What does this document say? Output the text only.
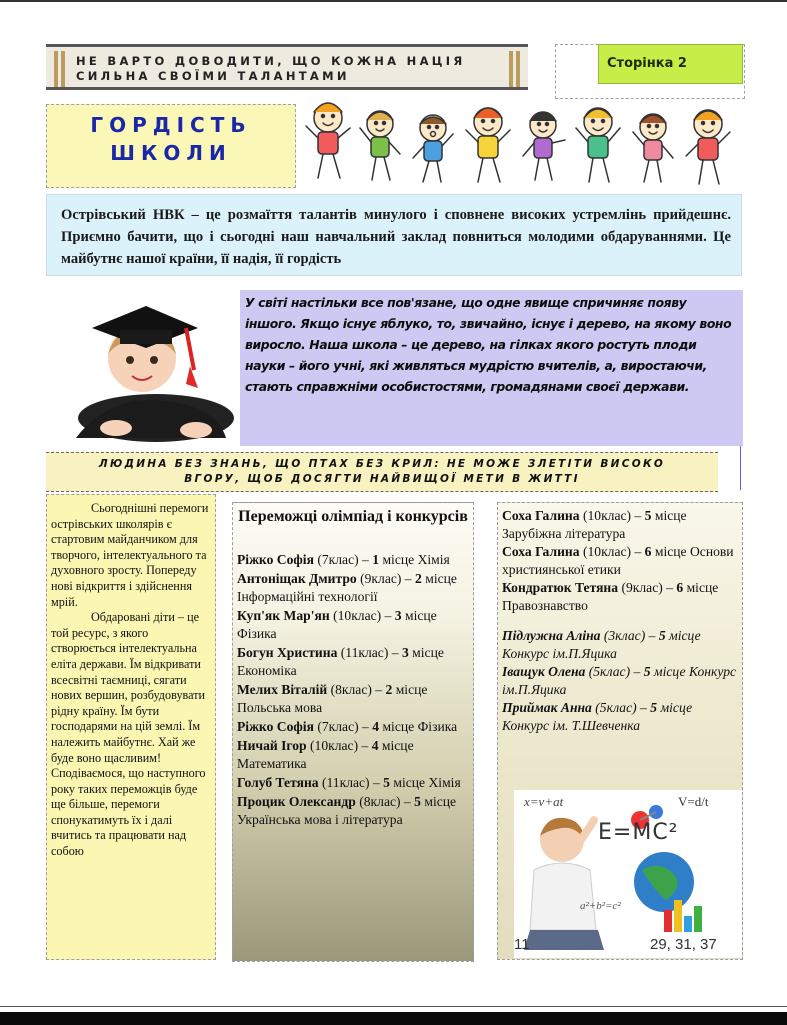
НЕ ВАРТО ДОВОДИТИ, ЩО КОЖНА НАЦІЯ
СИЛЬНА СВОЇМИ ТАЛАНТАМИ
Сторінка 2
ГОРДІСТЬ
ШКОЛИ
Острівський НВК – це розмаїття талантів минулого і сповнене високих устремлінь прийдешнє. Приємно бачити, що і сьогодні наш навчальний заклад повниться молодими обдаруваннями. Це майбутнє нашої країни, її надія, її гордість
У світі настільки все пов'язане, що одне явище спричиняє появу іншого. Якщо існує яблуко, то, звичайно, існує і дерево, на якому воно виросло. Наша школа – це дерево, на гілках якого ростуть плоди науки – його учні, які живляться мудрістю вчителів, а, виростаючи, стають справжніми особистостями, громадянами своєї держави.
ЛЮДИНА БЕЗ ЗНАНЬ, ЩО ПТАХ БЕЗ КРИЛ: НЕ МОЖЕ ЗЛЕТІТИ ВИСОКО
ВГОРУ, ЩОБ ДОСЯГТИ НАЙВИЩОЇ МЕТИ В ЖИТТІ

Сьогоднішні перемоги острівських школярів є стартовим майданчиком для творчого, інтелектуального та духовного зросту. Попереду нові відкриття і здійснення мрій.

Обдаровані діти – це той ресурс, з якого створюється інтелектуальна еліта держави. Їм відкривати всесвітні таємниці, сягати нових вершин, розбудовувати рідну країну. Їм бути господарями на цій землі. Їм належить майбутнє. Хай же буде воно щасливим! Сподіваємося, що наступного року таких переможців буде ще більше, перемоги спонукатимуть їх і далі вчитись та працювати над собою

Переможці олімпіад і конкурсів
Ріжко Софія (7клас) – 1 місце Хімія
Антоніщак Дмитро (9клас) – 2 місце Інформаційні технології
Куп'як Мар'ян (10клас) – 3 місце Фізика
Богун Христина (11клас) – 3 місце Економіка
Мелих Віталій (8клас) – 2 місце Польська мова
Ріжко Софія (7клас) – 4 місце Фізика
Ничай Ігор (10клас) – 4 місце Математика
Голуб Тетяна (11клас) – 5 місце Хімія
Процик Олександр (8клас) – 5 місце Українська мова і література
Соха Галина (10клас) – 5 місце Зарубіжна література
Соха Галина (10клас) – 6 місце Основи християнської етики
Кондратюк Тетяна (9клас) – 6 місце Правознавство
Підлужна Аліна (3клас) – 5 місце Конкурс ім.П.Яцика
Іващук Олена (5клас) – 5 місце Конкурс ім.П.Яцика
Приймак Анна (5клас) – 5 місце Конкурс ім. Т.Шевченка
x=v+at	V=d/t
E=MC²
a²+b²=c²
11	29, 31, 37
